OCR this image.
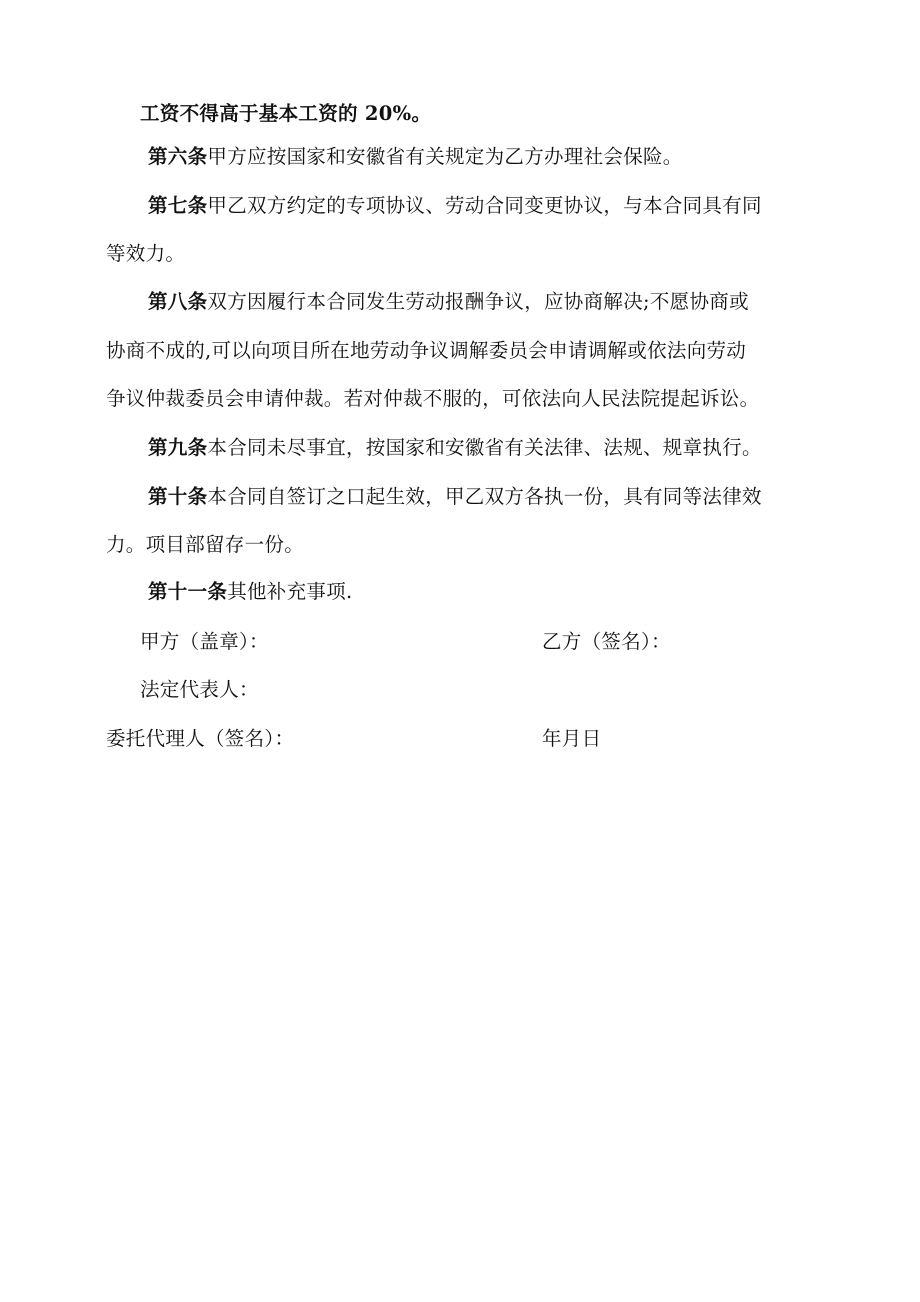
工资不得高于基本工资的 20%。
第六条甲方应按国家和安徽省有关规定为乙方办理社会保险。
第七条甲乙双方约定的专项协议、劳动合同变更协议，与本合同具有同
等效力。
第八条双方因履行本合同发生劳动报酬争议，应协商解决;不愿协商或
协商不成的,可以向项目所在地劳动争议调解委员会申请调解或依法向劳动
争议仲裁委员会申请仲裁。若对仲裁不服的，可依法向人民法院提起诉讼。
第九条本合同未尽事宜，按国家和安徽省有关法律、法规、规章执行。
第十条本合同自签订之口起生效，甲乙双方各执一份，具有同等法律效
力。项目部留存一份。
第十一条其他补充事项.
甲方（盖章）：	乙方（签名）：
法定代表人：
委托代理人（签名）：	年月日
